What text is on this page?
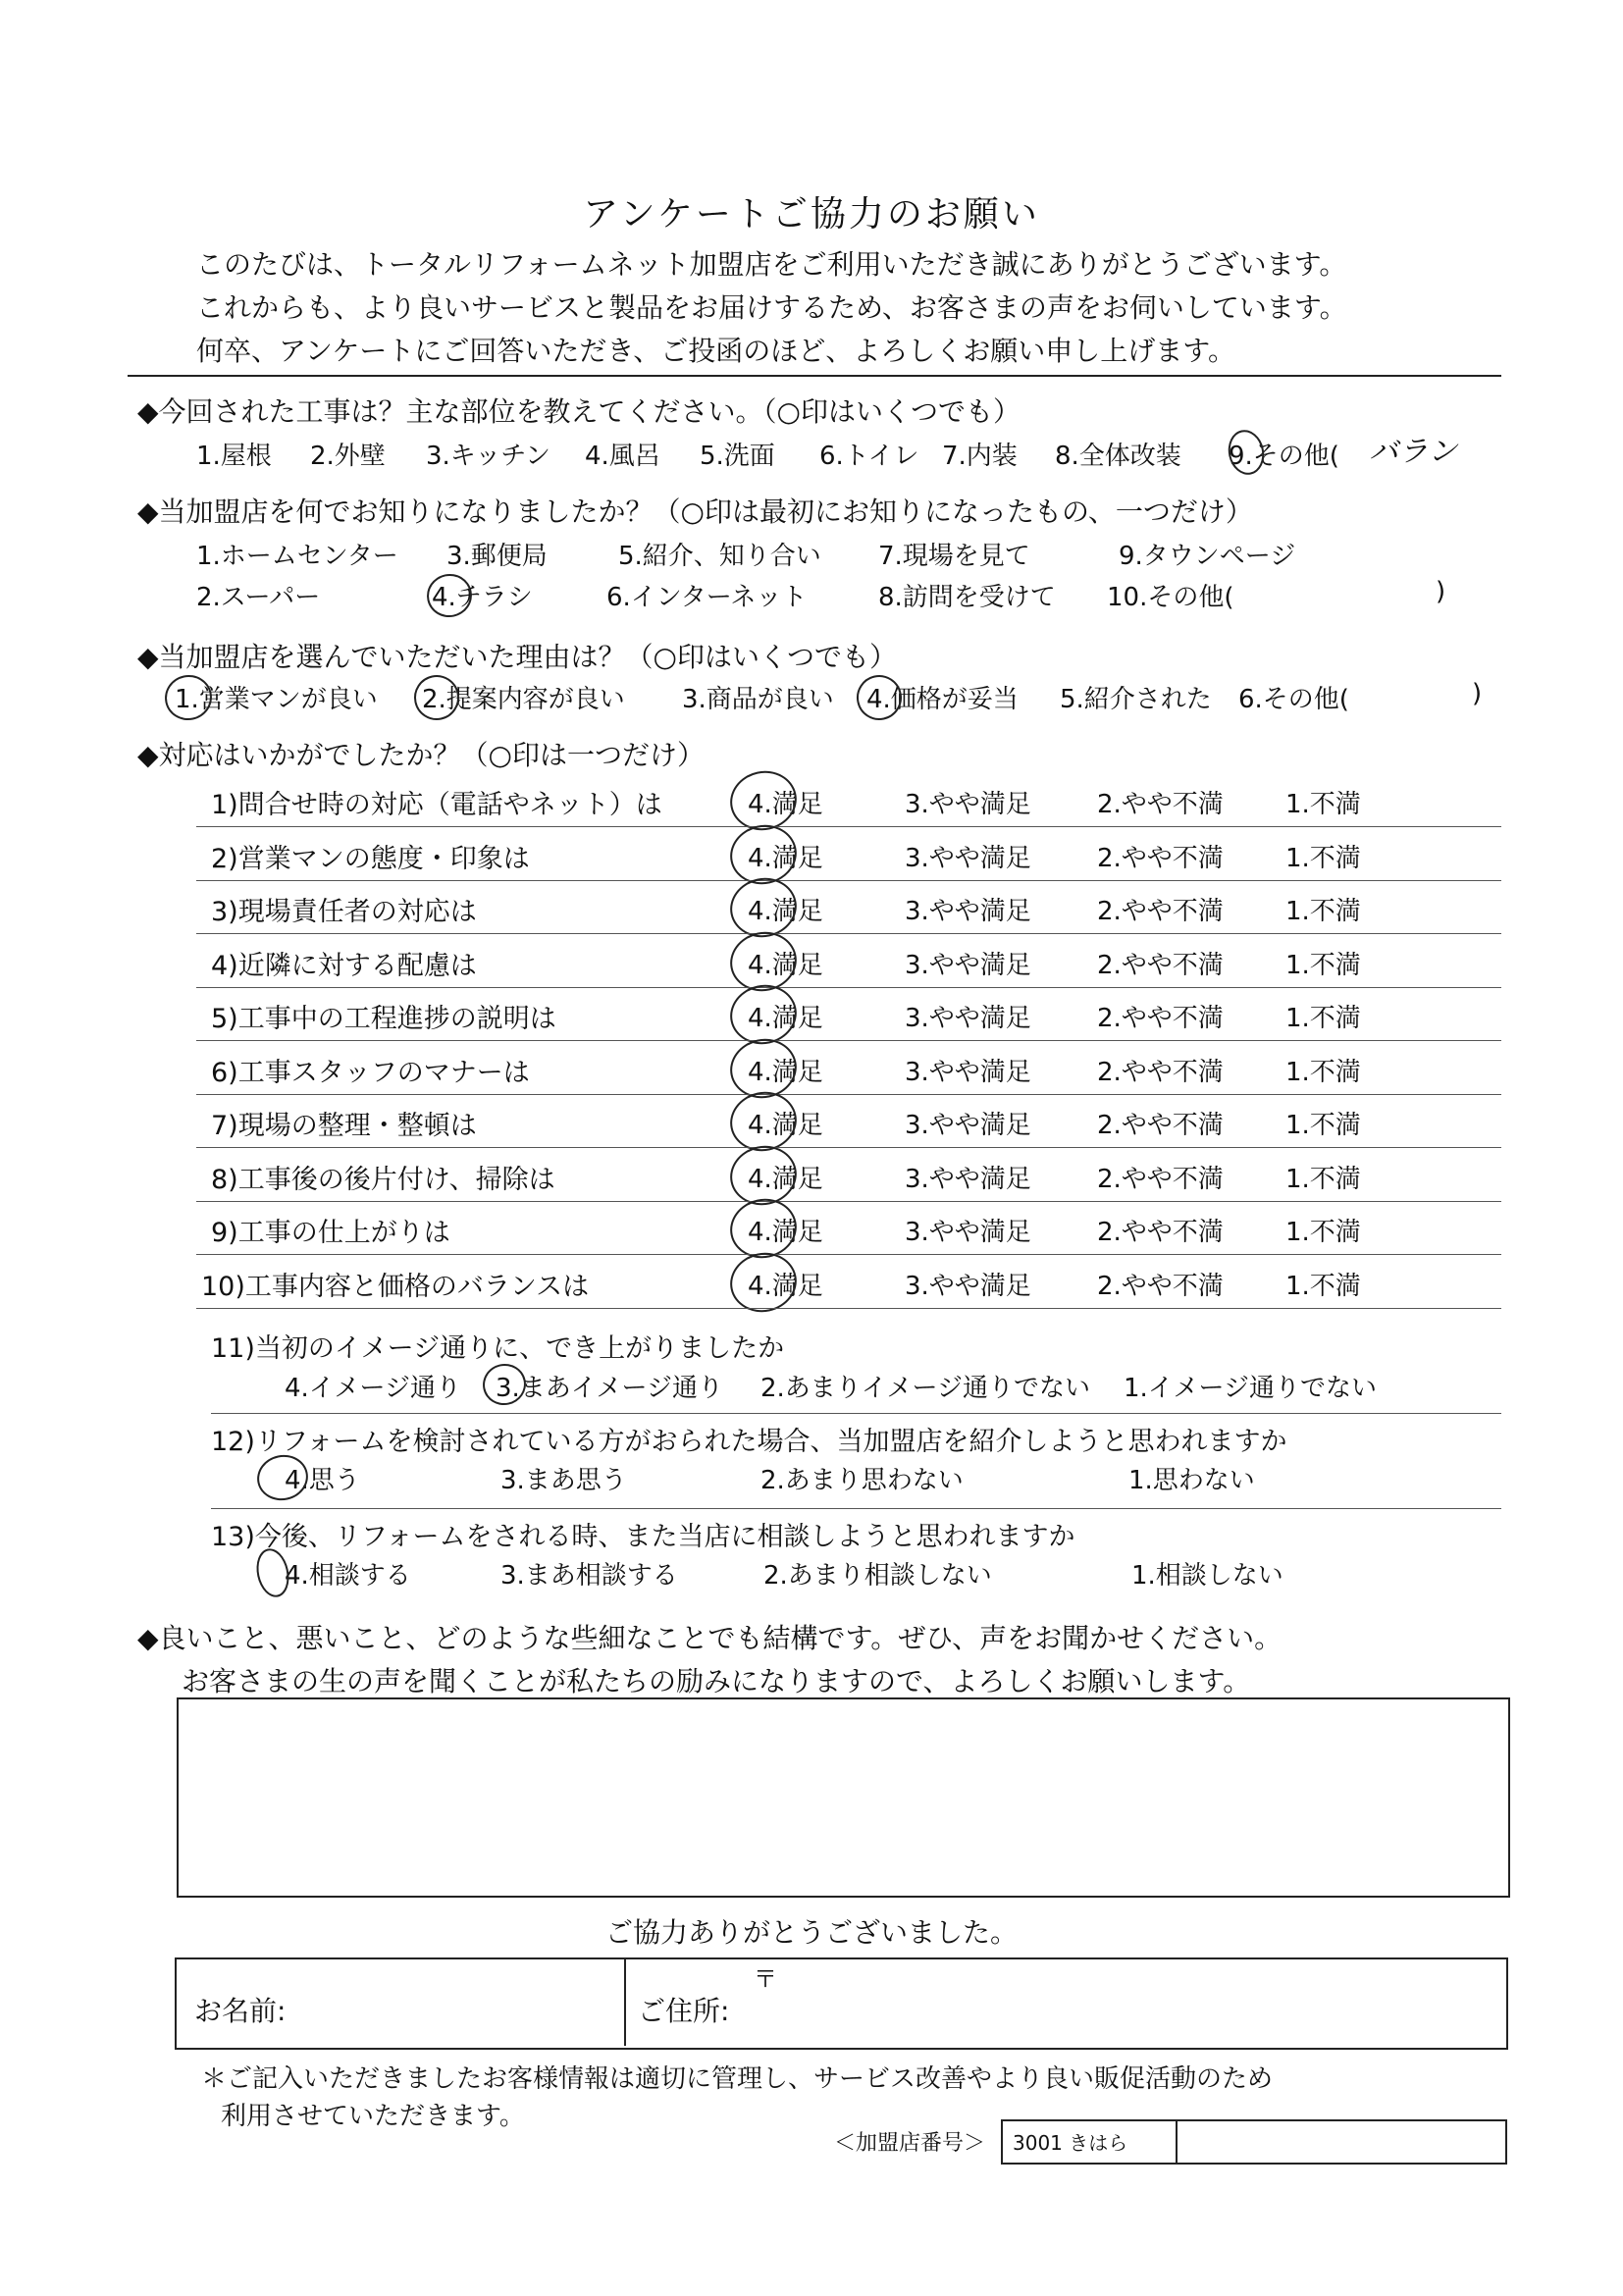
アンケートご協力のお願い
このたびは、トータルリフォームネット加盟店をご利用いただき誠にありがとうございます。
これからも、より良いサービスと製品をお届けするため、お客さまの声をお伺いしています。
何卒、アンケートにご回答いただき、ご投函のほど、よろしくお願い申し上げます。
◆今回された工事は？主な部位を教えてください。（○印はいくつでも）
1.屋根 2.外壁 3.キッチン 4.風呂 5.洗面 6.トイレ 7.内装 8.全体改装 9.その他( バラン
◆当加盟店を何でお知りになりましたか？（○印は最初にお知りになったもの、一つだけ）
1.ホームセンター 3.郵便局	5.紹介、知り合い 7.現場を見て	9.タウンページ
2.スーパー	4.チラシ	6.インターネット	8.訪問を受けて 10.その他(	)
◆当加盟店を選んでいただいた理由は？（○印はいくつでも）
1.営業マンが良い 2.提案内容が良い 3.商品が良い 4.価格が妥当 5.紹介された 6.その他(	)
◆対応はいかがでしたか？（○印は一つだけ）
1)問合せ時の対応（電話やネット）は	4.満足	3.やや満足	2.やや不満 1.不満
2)営業マンの態度・印象は	4.満足	3.やや満足	2.やや不満 1.不満
3)現場責任者の対応は	4.満足	3.やや満足	2.やや不満 1.不満
4)近隣に対する配慮は	4.満足	3.やや満足	2.やや不満 1.不満
5)工事中の工程進捗の説明は	4.満足	3.やや満足	2.やや不満 1.不満
6)工事スタッフのマナーは	4.満足	3.やや満足	2.やや不満 1.不満
7)現場の整理・整頓は	4.満足	3.やや満足	2.やや不満 1.不満
8)工事後の後片付け、掃除は	4.満足	3.やや満足	2.やや不満 1.不満
9)工事の仕上がりは	4.満足	3.やや満足	2.やや不満 1.不満
10)工事内容と価格のバランスは	4.満足	3.やや満足	2.やや不満 1.不満
11)当初のイメージ通りに、でき上がりましたか
4.イメージ通り 3.まあイメージ通り 2.あまりイメージ通りでない 1.イメージ通りでない
12)リフォームを検討されている方がおられた場合、当加盟店を紹介しようと思われますか
4.思う	3.まあ思う	2.あまり思わない	1.思わない
13)今後、リフォームをされる時、また当店に相談しようと思われますか
4.相談する	3.まあ相談する	2.あまり相談しない	1.相談しない
◆良いこと、悪いこと、どのような些細なことでも結構です。ぜひ、声をお聞かせください。
お客さまの生の声を聞くことが私たちの励みになりますので、よろしくお願いします。
ご協力ありがとうございました。
お名前:	ご住所:
〒
＊ご記入いただきましたお客様情報は適切に管理し、サービス改善やより良い販促活動のため
利用させていただきます。
＜加盟店番号＞ 3001 きはら
